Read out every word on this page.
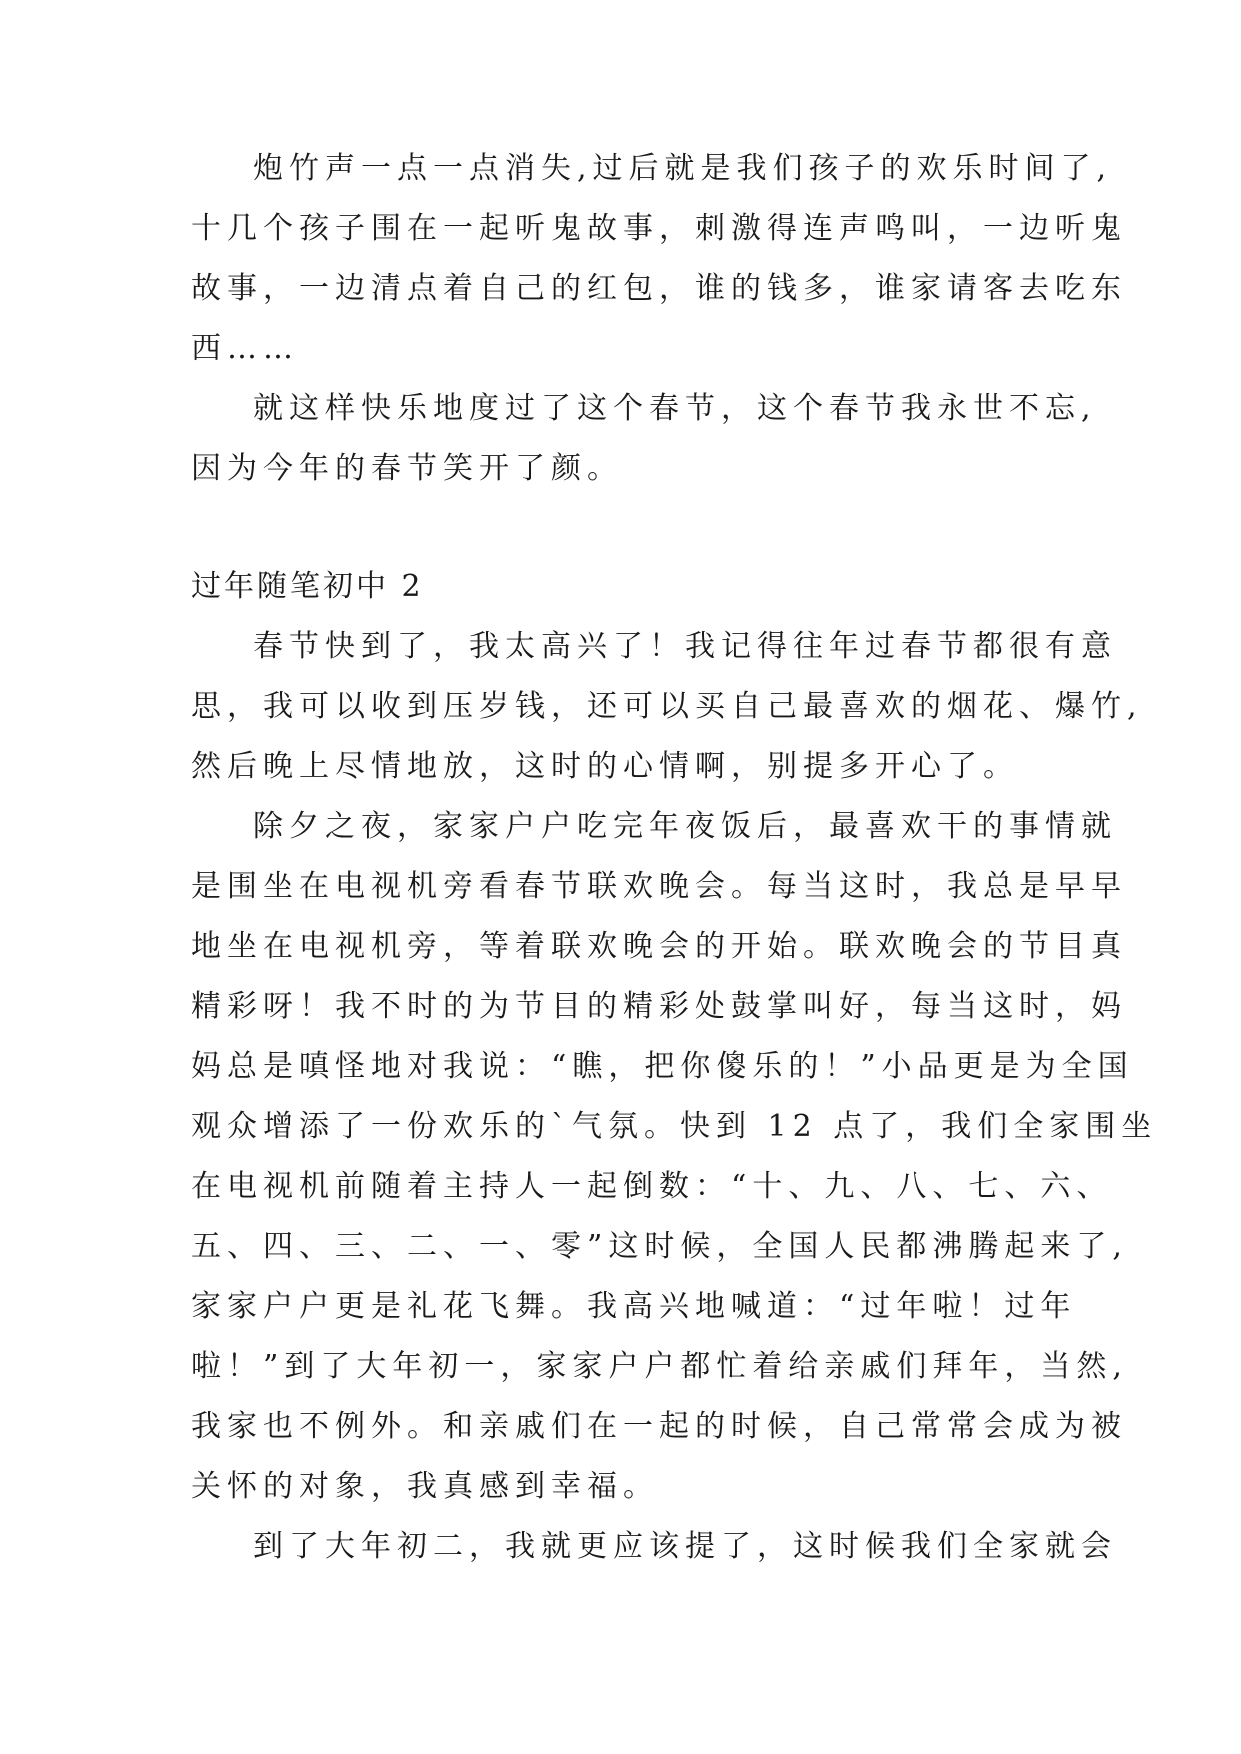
炮竹声一点一点消失,过后就是我们孩子的欢乐时间了,
十几个孩子围在一起听鬼故事，刺激得连声鸣叫，一边听鬼
故事，一边清点着自己的红包，谁的钱多，谁家请客去吃东
西……
就这样快乐地度过了这个春节，这个春节我永世不忘,
因为今年的春节笑开了颜。
过年随笔初中 2
春节快到了，我太高兴了！我记得往年过春节都很有意
思，我可以收到压岁钱，还可以买自己最喜欢的烟花、爆竹,
然后晚上尽情地放，这时的心情啊，别提多开心了。
除夕之夜，家家户户吃完年夜饭后，最喜欢干的事情就
是围坐在电视机旁看春节联欢晚会。每当这时，我总是早早
地坐在电视机旁，等着联欢晚会的开始。联欢晚会的节目真
精彩呀！我不时的为节目的精彩处鼓掌叫好，每当这时，妈
妈总是嗔怪地对我说：“瞧，把你傻乐的！”小品更是为全国
观众增添了一份欢乐的`气氛。快到 12 点了，我们全家围坐
在电视机前随着主持人一起倒数：“十、九、八、七、六、
五、四、三、二、一、零”这时候，全国人民都沸腾起来了,
家家户户更是礼花飞舞。我高兴地喊道：“过年啦！过年
啦！”到了大年初一，家家户户都忙着给亲戚们拜年，当然,
我家也不例外。和亲戚们在一起的时候，自己常常会成为被
关怀的对象，我真感到幸福。
到了大年初二，我就更应该提了，这时候我们全家就会
